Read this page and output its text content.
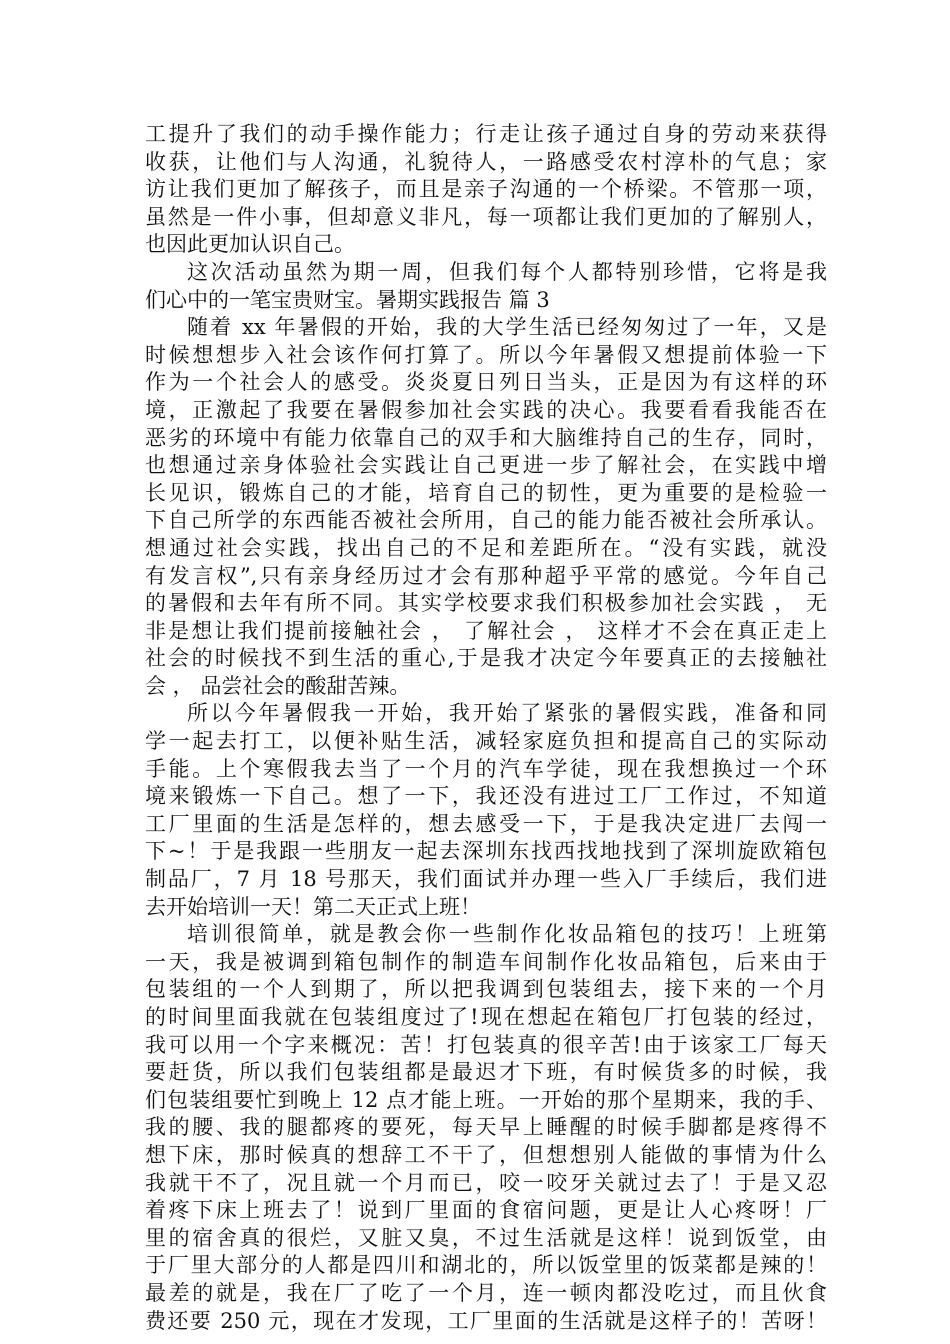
工提升了我们的动手操作能力；行走让孩子通过自身的劳动来获得
收获，让他们与人沟通，礼貌待人，一路感受农村淳朴的气息；家
访让我们更加了解孩子，而且是亲子沟通的一个桥梁。不管那一项，
虽然是一件小事，但却意义非凡，每一项都让我们更加的了解别人，
也因此更加认识自己。
这次活动虽然为期一周，但我们每个人都特别珍惜，它将是我
们心中的一笔宝贵财宝。暑期实践报告 篇 3
随着 xx 年暑假的开始，我的大学生活已经匆匆过了一年，又是
时候想想步入社会该作何打算了。所以今年暑假又想提前体验一下
作为一个社会人的感受。炎炎夏日列日当头，正是因为有这样的环
境，正激起了我要在暑假参加社会实践的决心。我要看看我能否在
恶劣的环境中有能力依靠自己的双手和大脑维持自己的生存，同时，
也想通过亲身体验社会实践让自己更进一步了解社会，在实践中增
长见识，锻炼自己的才能，培育自己的韧性，更为重要的是检验一
下自己所学的东西能否被社会所用，自己的能力能否被社会所承认。
想通过社会实践，找出自己的不足和差距所在。“没有实践，就没
有发言权”,只有亲身经历过才会有那种超乎平常的感觉。今年自己
的暑假和去年有所不同。其实学校要求我们积极参加社会实践 ， 无
非是想让我们提前接触社会 ， 了解社会 ， 这样才不会在真正走上
社会的时候找不到生活的重心,于是我才决定今年要真正的去接触社
会 ， 品尝社会的酸甜苦辣。
所以今年暑假我一开始，我开始了紧张的暑假实践，准备和同
学一起去打工，以便补贴生活，减轻家庭负担和提高自己的实际动
手能。上个寒假我去当了一个月的汽车学徒，现在我想换过一个环
境来锻炼一下自己。想了一下，我还没有进过工厂工作过，不知道
工厂里面的生活是怎样的，想去感受一下，于是我决定进厂去闯一
下~！于是我跟一些朋友一起去深圳东找西找地找到了深圳旋欧箱包
制品厂，7 月 18 号那天，我们面试并办理一些入厂手续后，我们进
去开始培训一天！第二天正式上班！
培训很简单，就是教会你一些制作化妆品箱包的技巧！上班第
一天，我是被调到箱包制作的制造车间制作化妆品箱包，后来由于
包装组的一个人到期了，所以把我调到包装组去，接下来的一个月
的时间里面我就在包装组度过了!现在想起在箱包厂打包装的经过，
我可以用一个字来概况：苦！打包装真的很辛苦!由于该家工厂每天
要赶货，所以我们包装组都是最迟才下班，有时候货多的时候，我
们包装组要忙到晚上 12 点才能上班。一开始的那个星期来，我的手、
我的腰、我的腿都疼的要死，每天早上睡醒的时候手脚都是疼得不
想下床，那时候真的想辞工不干了，但想想别人能做的事情为什么
我就干不了，况且就一个月而已，咬一咬牙关就过去了！于是又忍
着疼下床上班去了！说到厂里面的食宿问题，更是让人心疼呀！厂
里的宿舍真的很烂，又脏又臭，不过生活就是这样！说到饭堂，由
于厂里大部分的人都是四川和湖北的，所以饭堂里的饭菜都是辣的！
最差的就是，我在厂了吃了一个月，连一顿肉都没吃过，而且伙食
费还要 250 元，现在才发现，工厂里面的生活就是这样子的！苦呀！
